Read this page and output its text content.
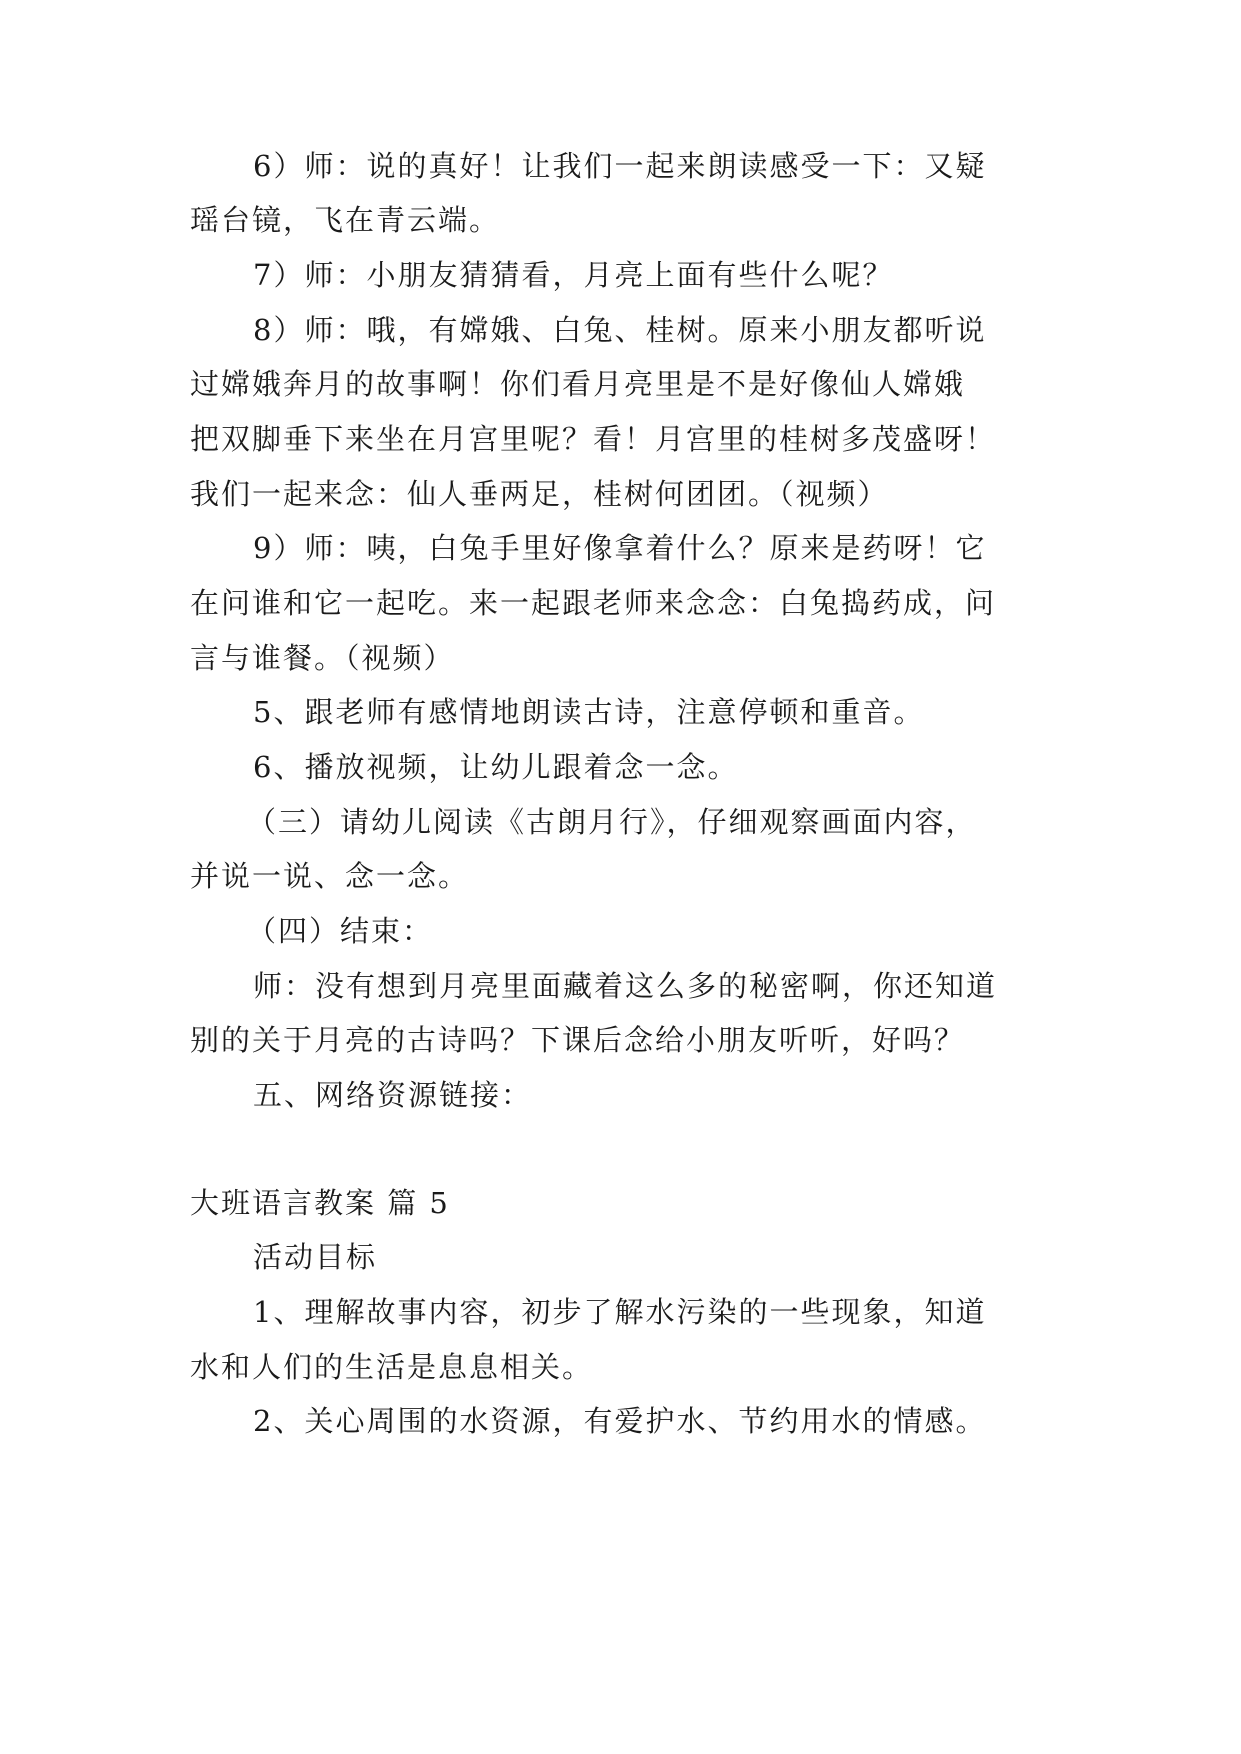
6）师：说的真好！让我们一起来朗读感受一下：又疑
瑶台镜，飞在青云端。
7）师：小朋友猜猜看，月亮上面有些什么呢？
8）师：哦，有嫦娥、白兔、桂树。原来小朋友都听说
过嫦娥奔月的故事啊！你们看月亮里是不是好像仙人嫦娥
把双脚垂下来坐在月宫里呢？看！月宫里的桂树多茂盛呀！
我们一起来念：仙人垂两足，桂树何团团。（视频）
9）师：咦，白兔手里好像拿着什么？原来是药呀！它
在问谁和它一起吃。来一起跟老师来念念：白兔捣药成，问
言与谁餐。（视频）
5、跟老师有感情地朗读古诗，注意停顿和重音。
6、播放视频，让幼儿跟着念一念。
（三）请幼儿阅读《古朗月行》，仔细观察画面内容，
并说一说、念一念。
（四）结束：
师：没有想到月亮里面藏着这么多的秘密啊，你还知道
别的关于月亮的古诗吗？下课后念给小朋友听听，好吗？
五、网络资源链接：
大班语言教案 篇 5
活动目标
1、理解故事内容，初步了解水污染的一些现象，知道
水和人们的生活是息息相关。
2、关心周围的水资源，有爱护水、节约用水的情感。
